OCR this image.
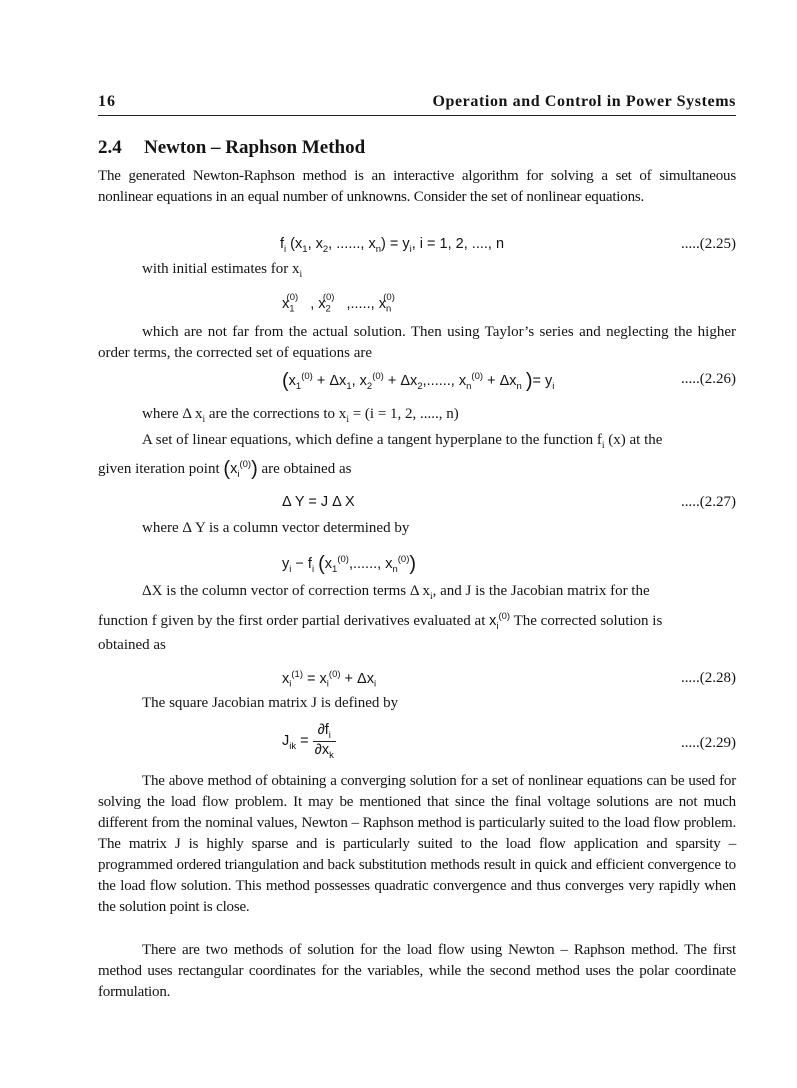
16	Operation and Control in Power Systems
2.4 Newton – Raphson Method

The generated Newton-Raphson method is an interactive algorithm for solving a set of simultaneous nonlinear equations in an equal number of unknowns. Consider the set of nonlinear equations.

$f_i$ ($x_1$, $x_2$, ......, $x_n) = y_i$, i = 1, 2, ...., n	.....(2.25)
with initial estimates for $x_i$
$x_1^{(0)}$ , $x_2^{(0)}$ ,....., $x_n^{(0)}$

which are not far from the actual solution. Then using Taylor’s series and neglecting the higher order terms, the corrected set of equations are

($x_1^{(0)} + \Delta x_1$, $x_2^{(0)} + \Delta x_2$,......, $x_n^{(0)} + \Delta x_n$ )= $y_i$	.....(2.26)
where Δ $x_i$ are the corrections to $x_i = (i = 1$, 2, ....., n)
A set of linear equations, which define a tangent hyperplane to the function $f_i$ (x) at the
given iteration point $(x_i^{(0)})$ are obtained as
Δ Y = J Δ X	.....(2.27)
where Δ Y is a column vector determined by
$y_i - f_i$ ($x_1^{(0)}$,......, $x_n^{(0)}$)
ΔX is the column vector of correction terms Δ $x_i$, and J is the Jacobian matrix for the
function f given by the first order partial derivatives evaluated at $x_i^{(0)}$ The corrected solution is
obtained as
$x_i^{(1)} = x_i^{(0)} + \Delta x_i$	.....(2.28)
The square Jacobian matrix J is defined by
$J_{ik} = \frac{\partial f_i}{\partial x_k}$	.....(2.29)

The above method of obtaining a converging solution for a set of nonlinear equations can be used for solving the load flow problem. It may be mentioned that since the final voltage solutions are not much different from the nominal values, Newton – Raphson method is particularly suited to the load flow problem. The matrix J is highly sparse and is particularly suited to the load flow application and sparsity – programmed ordered triangulation and back substitution methods result in quick and efficient convergence to the load flow solution. This method possesses quadratic convergence and thus converges very rapidly when the solution point is close.

There are two methods of solution for the load flow using Newton – Raphson method. The first method uses rectangular coordinates for the variables, while the second method uses the polar coordinate formulation.
